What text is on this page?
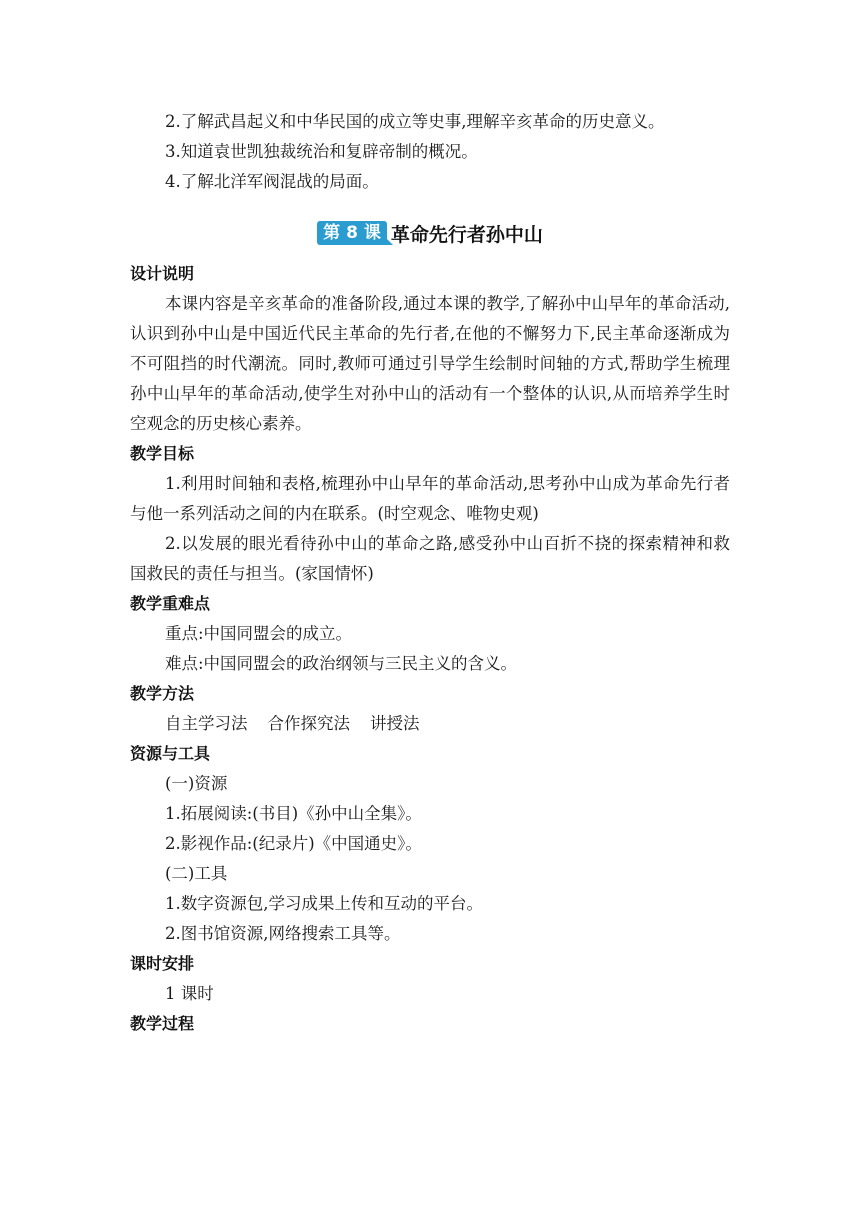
2.了解武昌起义和中华民国的成立等史事,理解辛亥革命的历史意义。

3.知道袁世凯独裁统治和复辟帝制的概况。

4.了解北洋军阀混战的局面。

第 8 课 革命先行者孙中山

设计说明

本课内容是辛亥革命的准备阶段,通过本课的教学,了解孙中山早年的革命活动,认识到孙中山是中国近代民主革命的先行者,在他的不懈努力下,民主革命逐渐成为不可阻挡的时代潮流。同时,教师可通过引导学生绘制时间轴的方式,帮助学生梳理孙中山早年的革命活动,使学生对孙中山的活动有一个整体的认识,从而培养学生时空观念的历史核心素养。

教学目标

1.利用时间轴和表格,梳理孙中山早年的革命活动,思考孙中山成为革命先行者与他一系列活动之间的内在联系。(时空观念、唯物史观)

2.以发展的眼光看待孙中山的革命之路,感受孙中山百折不挠的探索精神和救国救民的责任与担当。(家国情怀)

教学重难点

重点:中国同盟会的成立。

难点:中国同盟会的政治纲领与三民主义的含义。

教学方法

自主学习法 合作探究法 讲授法

资源与工具

(一)资源

1.拓展阅读:(书目)《孙中山全集》。

2.影视作品:(纪录片)《中国通史》。

(二)工具

1.数字资源包,学习成果上传和互动的平台。

2.图书馆资源,网络搜索工具等。

课时安排

1 课时

教学过程
